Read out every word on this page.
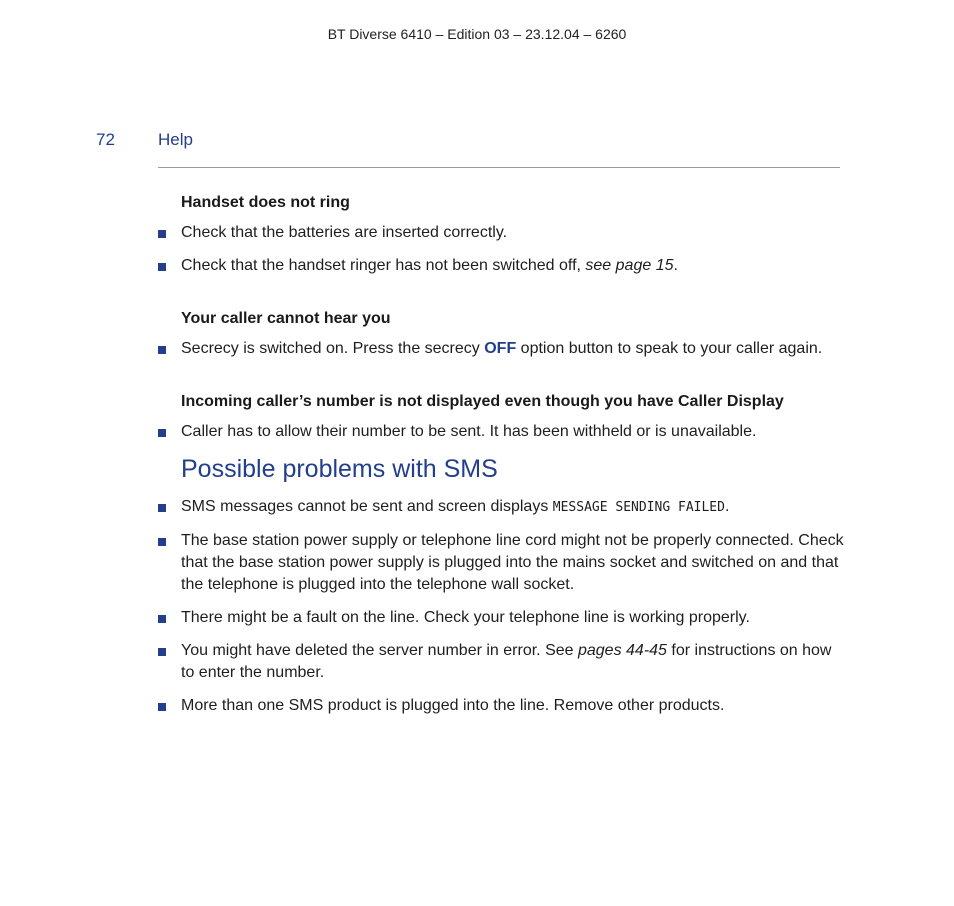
BT Diverse 6410 – Edition 03 – 23.12.04 – 6260
72	Help
Handset does not ring
Check that the batteries are inserted correctly.
Check that the handset ringer has not been switched off, see page 15.
Your caller cannot hear you
Secrecy is switched on. Press the secrecy OFF option button to speak to your caller again.
Incoming caller’s number is not displayed even though you have Caller Display
Caller has to allow their number to be sent. It has been withheld or is unavailable.
Possible problems with SMS
SMS messages cannot be sent and screen displays MESSAGE SENDING FAILED.
The base station power supply or telephone line cord might not be properly connected. Check that the base station power supply is plugged into the mains socket and switched on and that the telephone is plugged into the telephone wall socket.
There might be a fault on the line. Check your telephone line is working properly.
You might have deleted the server number in error. See pages 44-45 for instructions on how to enter the number.
More than one SMS product is plugged into the line. Remove other products.
